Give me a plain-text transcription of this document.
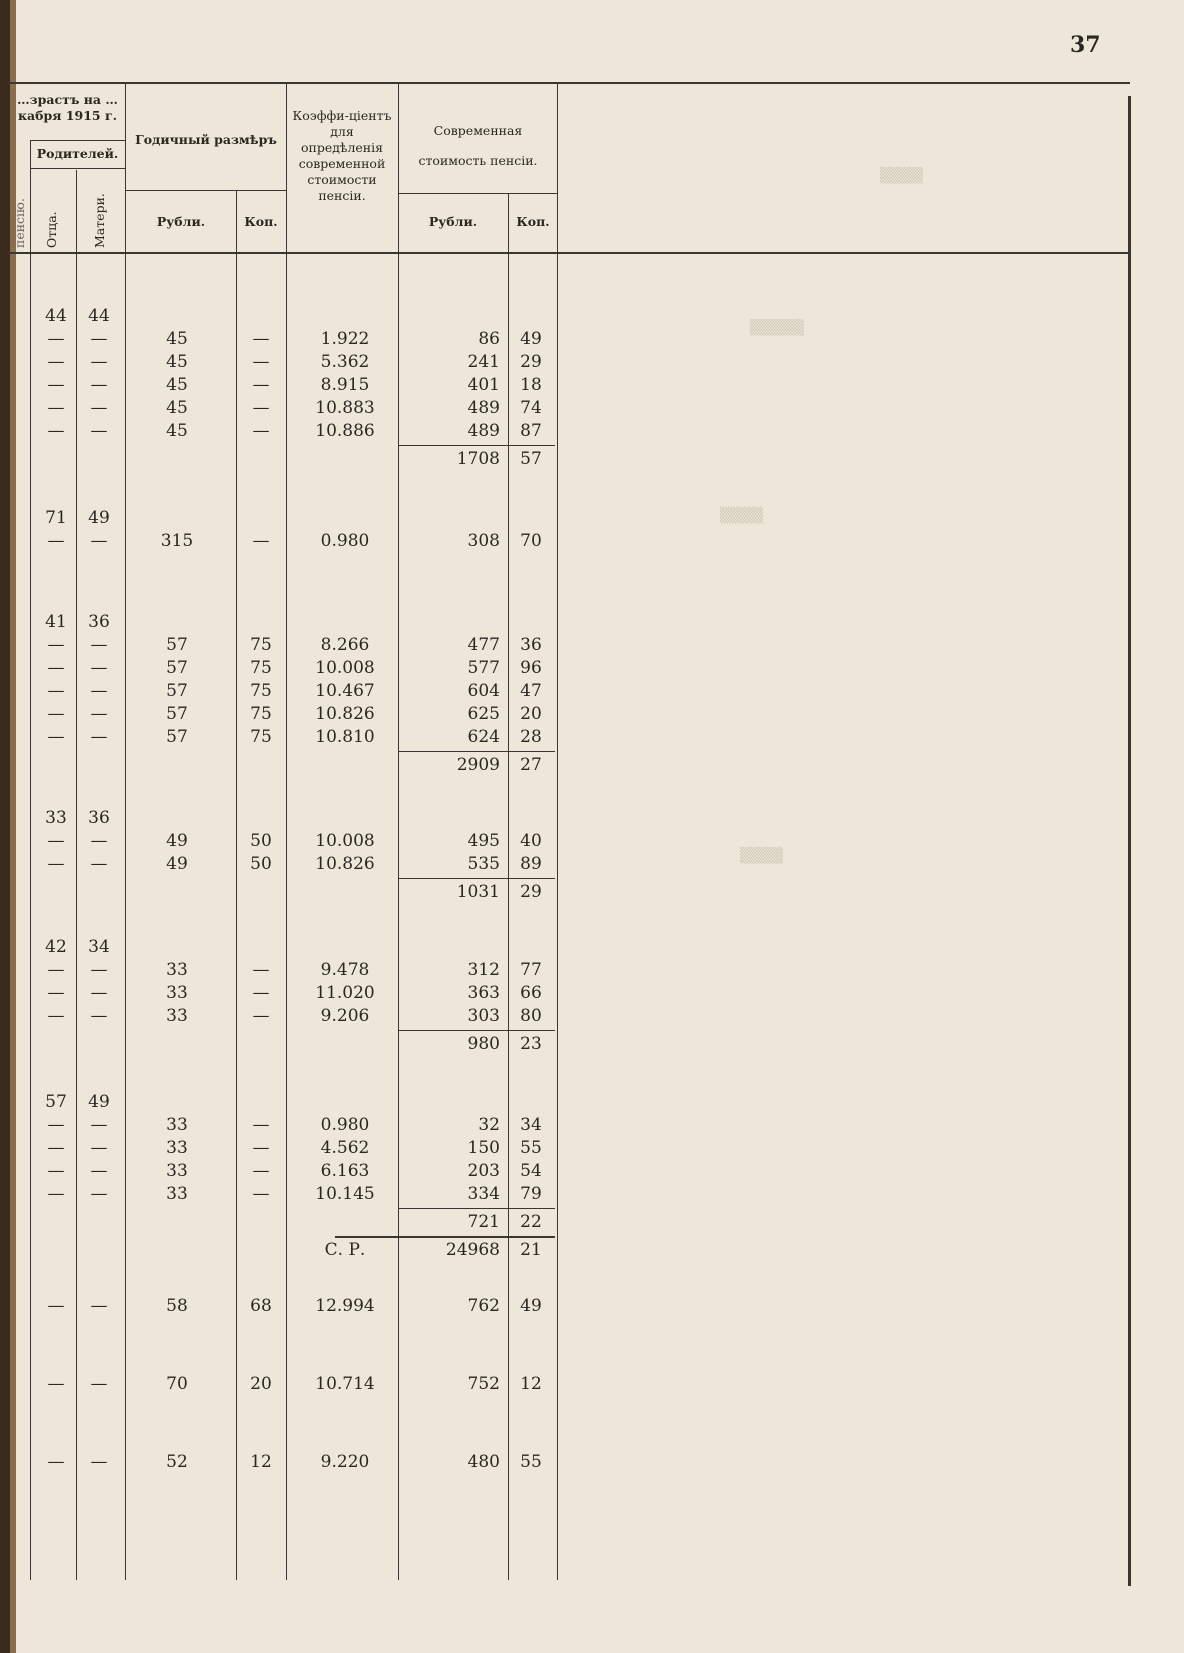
37
…зрастъ на …кабря 1915 г.
Родителей.
Отца.	Матери.
пенсію.
Годичный размѣръ
Рубли.	Коп.
Коэффи-ціентъ для опредѣленія современной стоимости пенсіи.
Современная стоимость пенсіи.
Рубли.	Коп.
▒▒▒▒
▒▒▒▒▒
▒▒▒▒
▒▒▒▒
44 44
—	—	45	—	1.922	86	49
—	—	45	—	5.362	241	29
—	—	45	—	8.915	401	18
—	—	45	—	10.883	489	74
—	—	45	—	10.886	489	87
1708	57
71 49
—	—	315	—	0.980	308	70
41 36
—	—	57	75	8.266	477	36
—	—	57	75	10.008	577	96
—	—	57	75	10.467	604	47
—	—	57	75	10.826	625	20
—	—	57	75	10.810	624	28
2909	27
33 36
—	—	49	50	10.008	495	40
—	—	49	50	10.826	535	89
1031	29
42 34
—	—	33	—	9.478	312	77
—	—	33	—	11.020	363	66
—	—	33	—	9.206	303	80
980	23
57 49
—	—	33	—	0.980	32	34
—	—	33	—	4.562	150	55
—	—	33	—	6.163	203	54
—	—	33	—	10.145	334	79
721	22
С. Р.	24968	21
—	—	58	68	12.994	762	49
—	—	70	20	10.714	752	12
—	—	52	12	9.220	480	55
